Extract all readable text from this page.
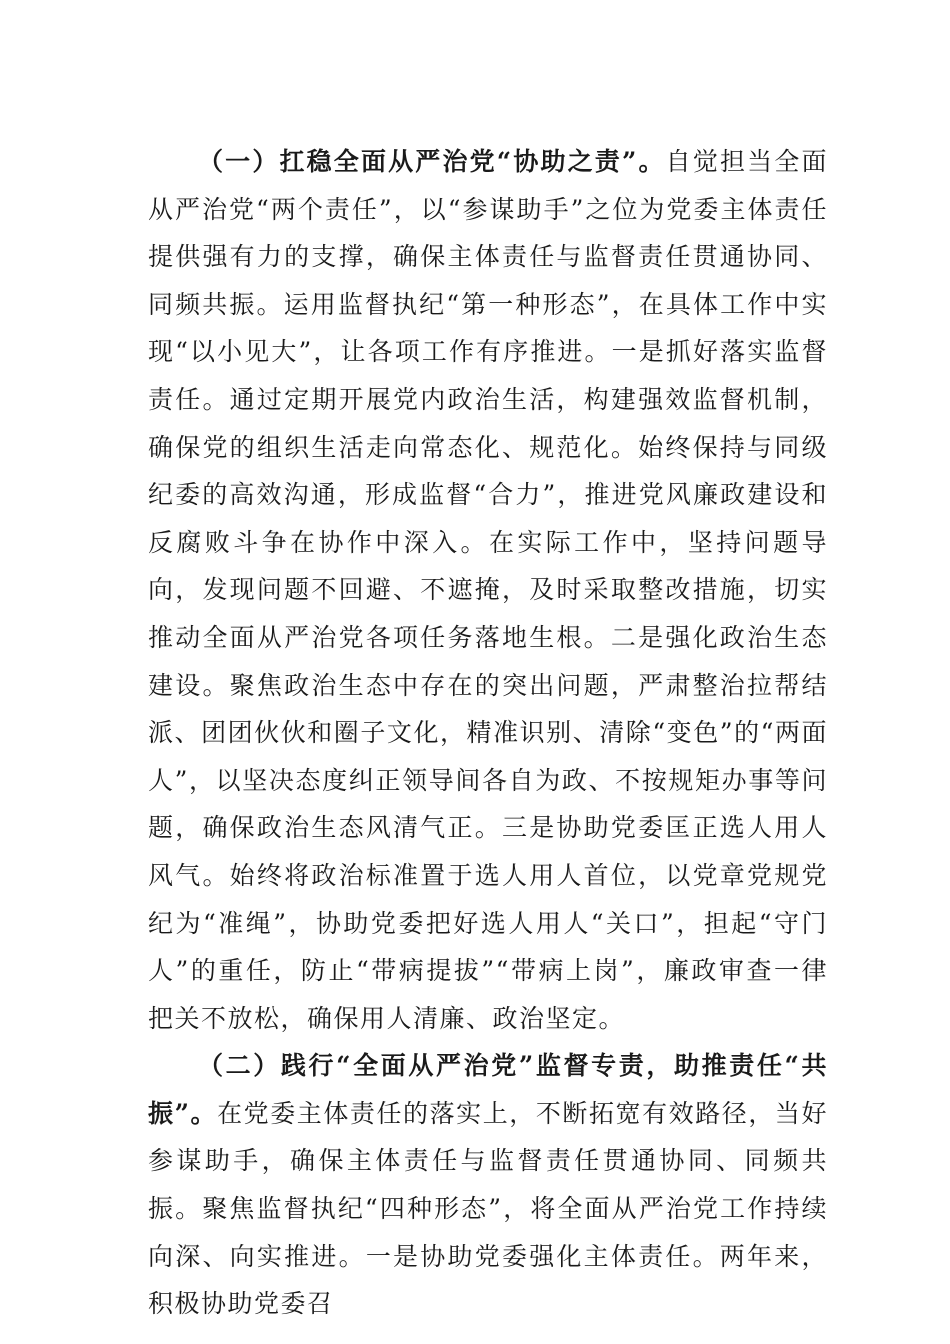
（一）扛稳全面从严治党“协助之责”。自觉担当全面从严治党“两个责任”，以“参谋助手”之位为党委主体责任提供强有力的支撑，确保主体责任与监督责任贯通协同、同频共振。运用监督执纪“第一种形态”，在具体工作中实现“以小见大”，让各项工作有序推进。一是抓好落实监督责任。通过定期开展党内政治生活，构建强效监督机制，确保党的组织生活走向常态化、规范化。始终保持与同级纪委的高效沟通，形成监督“合力”，推进党风廉政建设和反腐败斗争在协作中深入。在实际工作中，坚持问题导向，发现问题不回避、不遮掩，及时采取整改措施，切实推动全面从严治党各项任务落地生根。二是强化政治生态建设。聚焦政治生态中存在的突出问题，严肃整治拉帮结派、团团伙伙和圈子文化，精准识别、清除“变色”的“两面人”，以坚决态度纠正领导间各自为政、不按规矩办事等问题，确保政治生态风清气正。三是协助党委匡正选人用人风气。始终将政治标准置于选人用人首位，以党章党规党纪为“准绳”，协助党委把好选人用人“关口”，担起“守门人”的重任，防止“带病提拔”“带病上岗”，廉政审查一律把关不放松，确保用人清廉、政治坚定。

（二）践行“全面从严治党”监督专责，助推责任“共振”。在党委主体责任的落实上，不断拓宽有效路径，当好参谋助手，确保主体责任与监督责任贯通协同、同频共振。聚焦监督执纪“四种形态”，将全面从严治党工作持续向深、向实推进。一是协助党委强化主体责任。两年来，积极协助党委召
